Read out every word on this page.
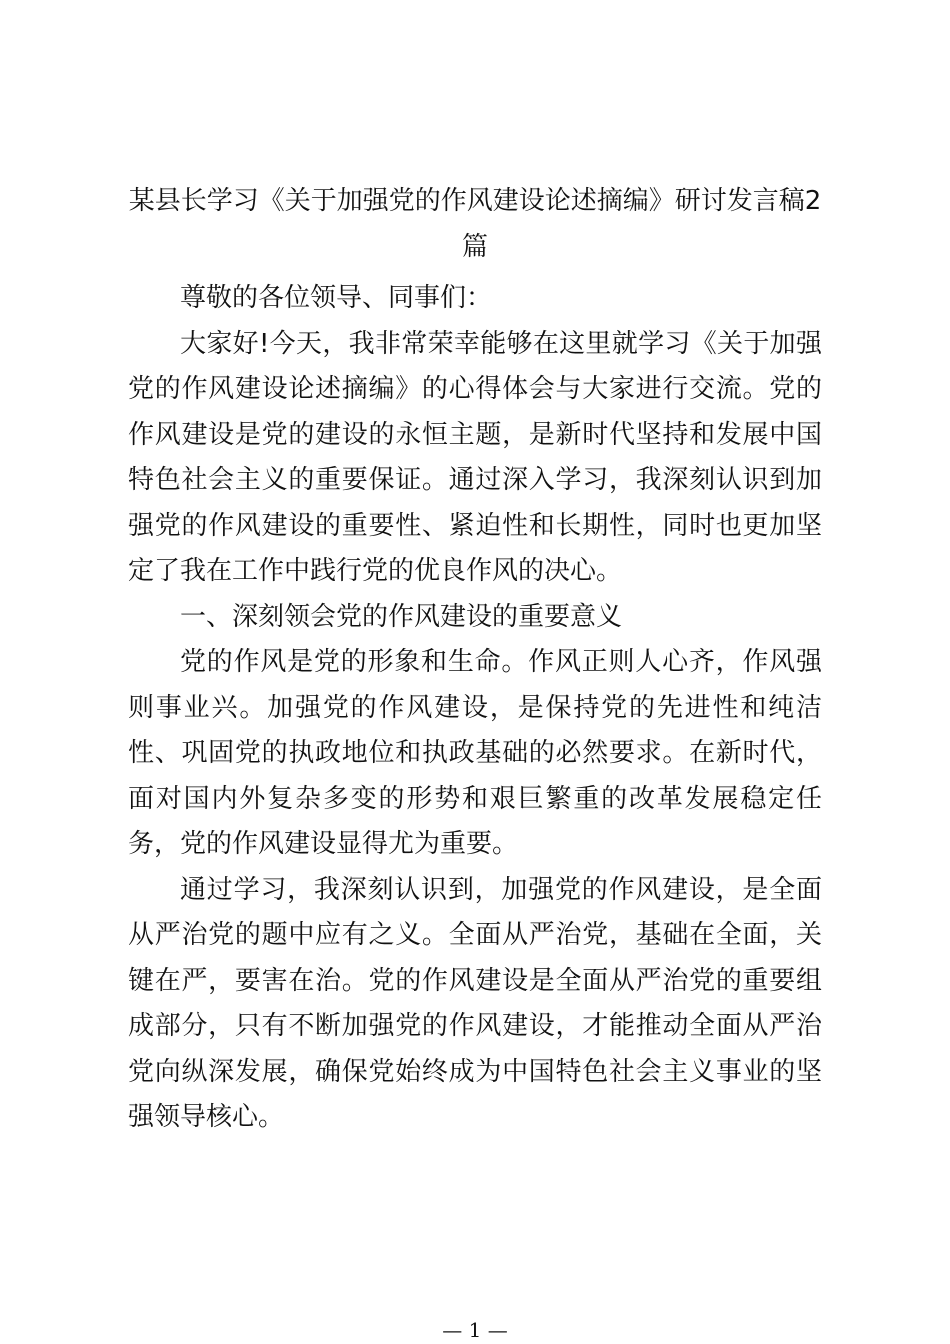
某县长学习《关于加强党的作风建设论述摘编》研讨发言稿2篇

尊敬的各位领导、同事们：

大家好!今天，我非常荣幸能够在这里就学习《关于加强党的作风建设论述摘编》的心得体会与大家进行交流。党的作风建设是党的建设的永恒主题，是新时代坚持和发展中国特色社会主义的重要保证。通过深入学习，我深刻认识到加强党的作风建设的重要性、紧迫性和长期性，同时也更加坚定了我在工作中践行党的优良作风的决心。

一、深刻领会党的作风建设的重要意义

党的作风是党的形象和生命。作风正则人心齐，作风强则事业兴。加强党的作风建设，是保持党的先进性和纯洁性、巩固党的执政地位和执政基础的必然要求。在新时代，面对国内外复杂多变的形势和艰巨繁重的改革发展稳定任务，党的作风建设显得尤为重要。

通过学习，我深刻认识到，加强党的作风建设，是全面从严治党的题中应有之义。全面从严治党，基础在全面，关键在严，要害在治。党的作风建设是全面从严治党的重要组成部分，只有不断加强党的作风建设，才能推动全面从严治党向纵深发展，确保党始终成为中国特色社会主义事业的坚强领导核心。

— 1 —
